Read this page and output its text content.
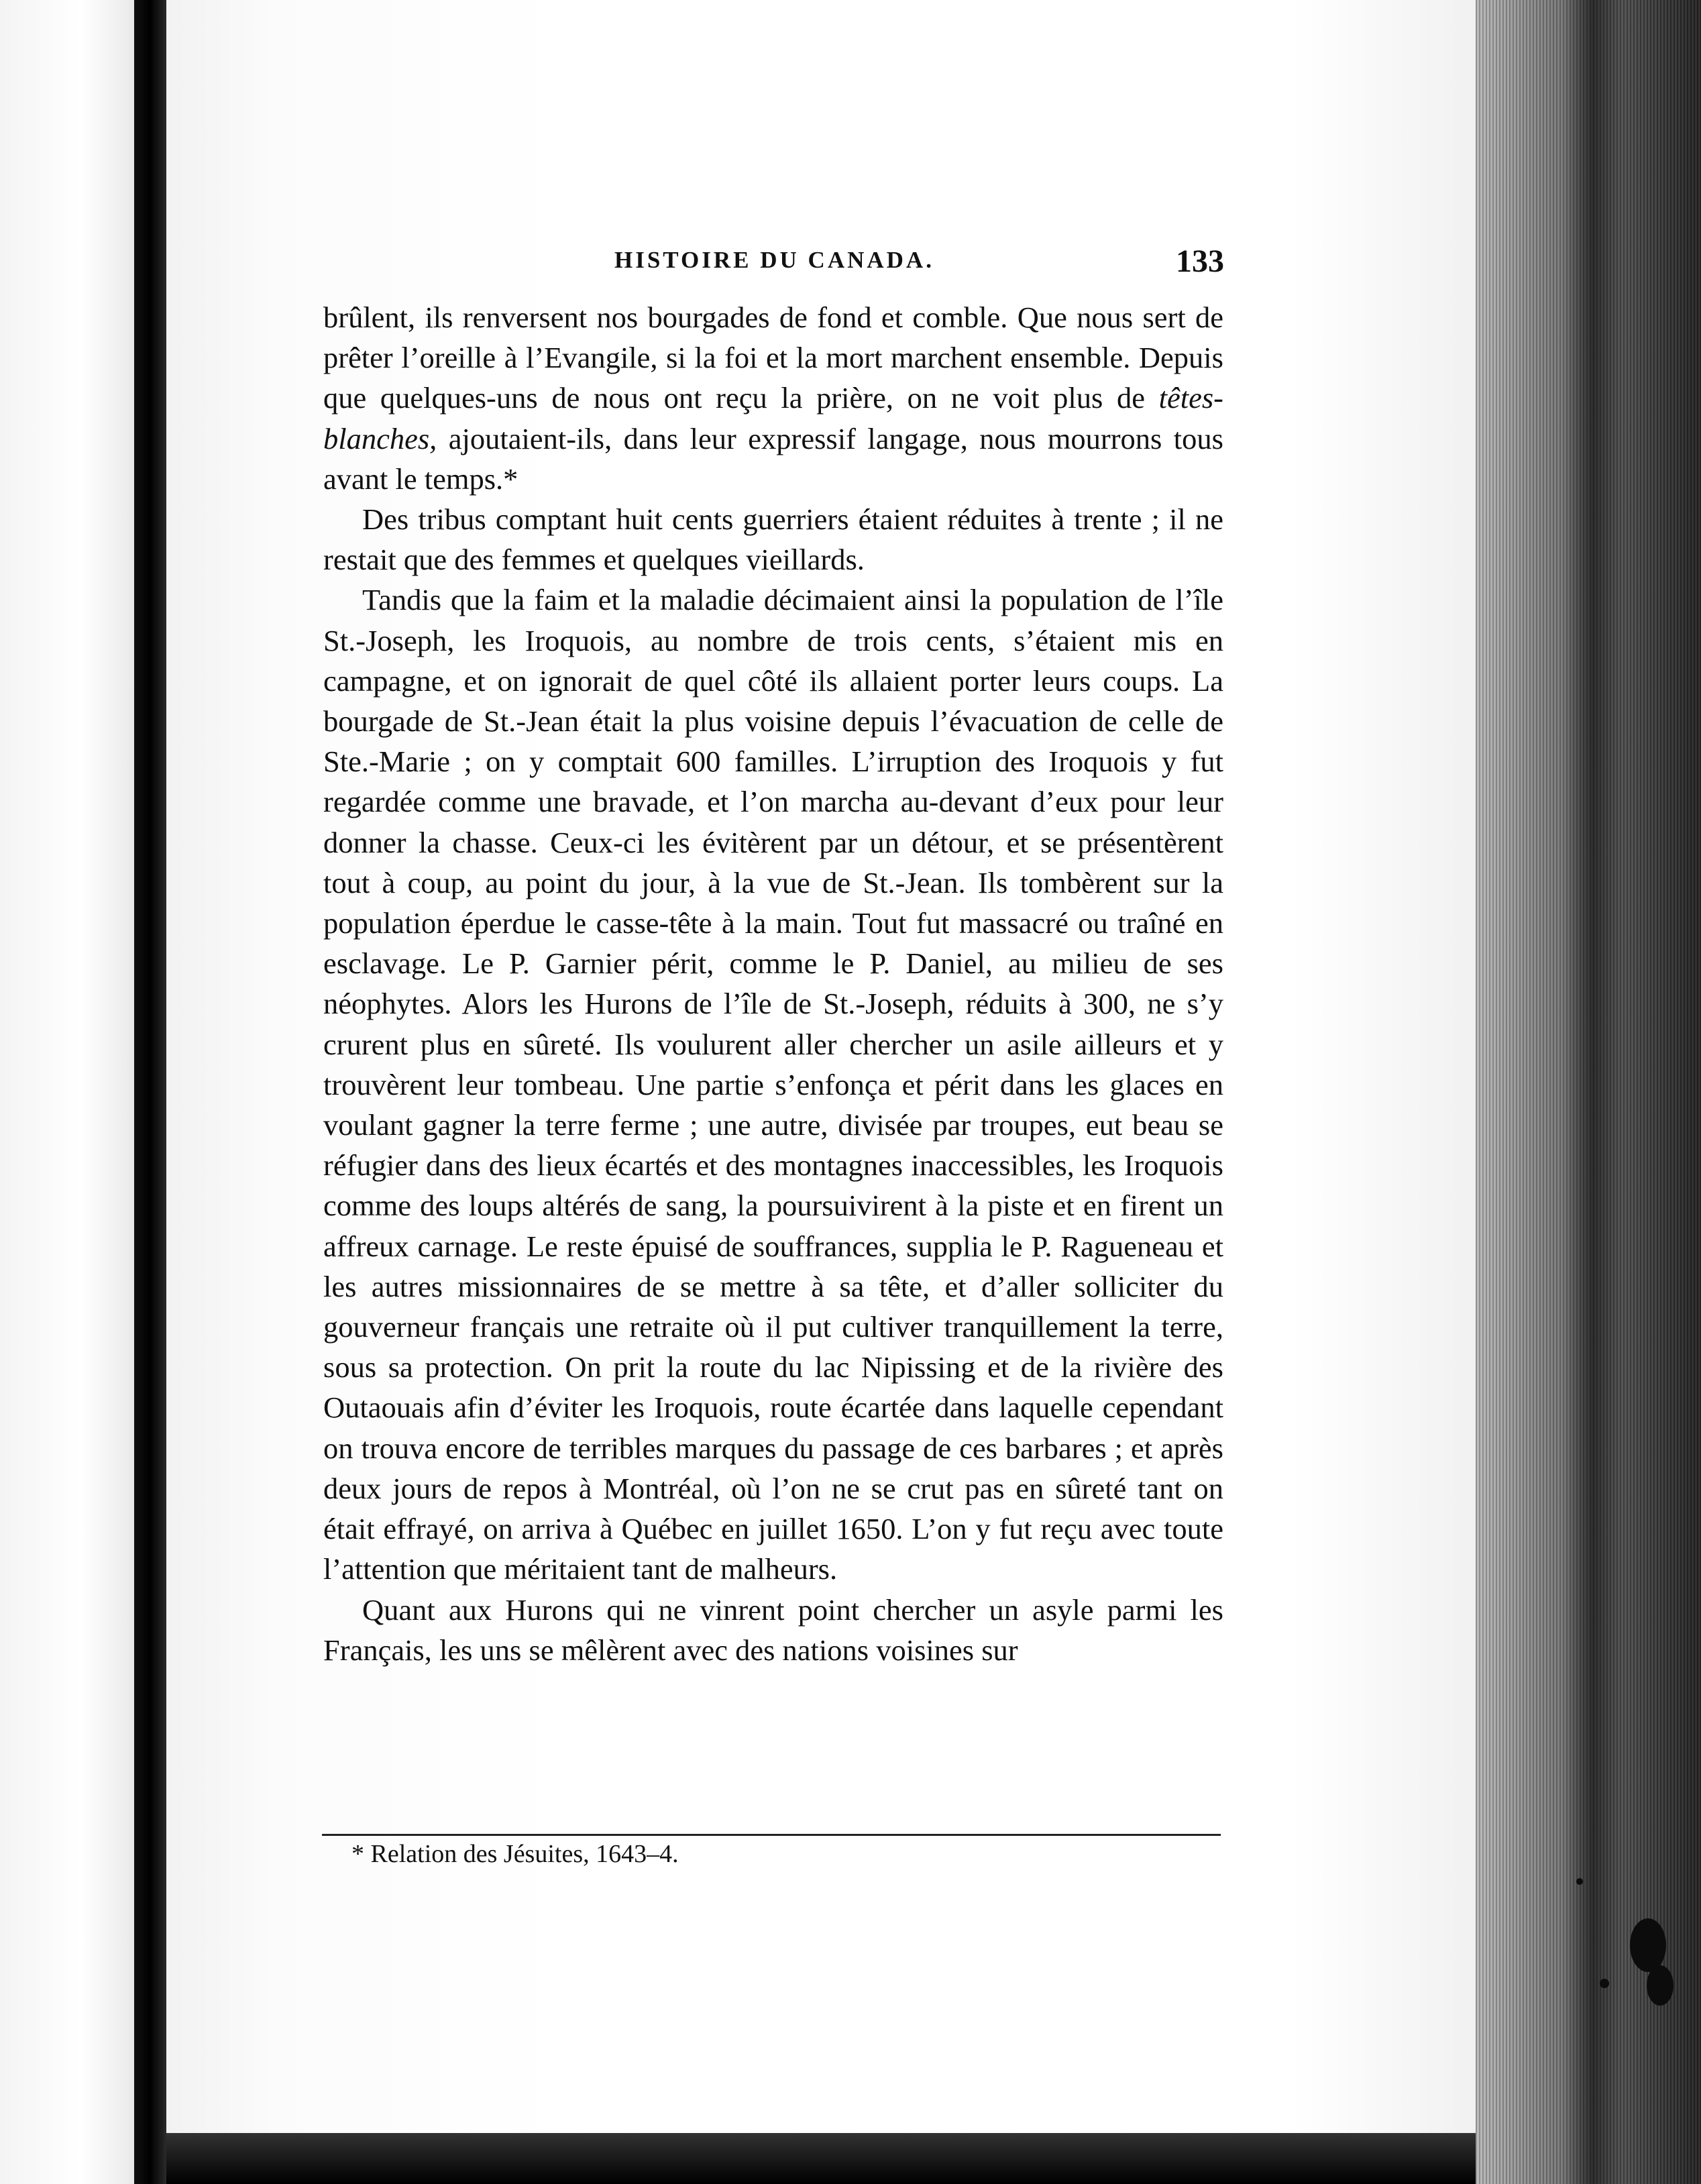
HISTOIRE DU CANADA.	133

brûlent, ils renversent nos bourgades de fond et comble. Que nous sert de prêter l’oreille à l’Evangile, si la foi et la mort marchent ensemble. Depuis que quelques-uns de nous ont reçu la prière, on ne voit plus de têtes-blanches, ajoutaient-ils, dans leur expressif langage, nous mourrons tous avant le temps.*

Des tribus comptant huit cents guerriers étaient réduites à trente ; il ne restait que des femmes et quelques vieillards.

Tandis que la faim et la maladie décimaient ainsi la population de l’île St.-Joseph, les Iroquois, au nombre de trois cents, s’étaient mis en campagne, et on ignorait de quel côté ils allaient porter leurs coups. La bourgade de St.-Jean était la plus voisine depuis l’évacuation de celle de Ste.-Marie ; on y comptait 600 familles. L’irruption des Iroquois y fut regardée comme une bravade, et l’on marcha au-devant d’eux pour leur donner la chasse. Ceux-ci les évitèrent par un détour, et se présentèrent tout à coup, au point du jour, à la vue de St.-Jean. Ils tombèrent sur la population éperdue le casse-tête à la main. Tout fut massacré ou traîné en esclavage. Le P. Garnier périt, comme le P. Daniel, au milieu de ses néophytes. Alors les Hurons de l’île de St.-Joseph, réduits à 300, ne s’y crurent plus en sûreté. Ils voulurent aller chercher un asile ailleurs et y trouvèrent leur tombeau. Une partie s’enfonça et périt dans les glaces en voulant gagner la terre ferme ; une autre, divisée par troupes, eut beau se réfugier dans des lieux écartés et des montagnes inaccessibles, les Iroquois comme des loups altérés de sang, la poursuivirent à la piste et en firent un affreux carnage. Le reste épuisé de souffrances, supplia le P. Ragueneau et les autres missionnaires de se mettre à sa tête, et d’aller solliciter du gouverneur français une retraite où il put cultiver tranquillement la terre, sous sa protection. On prit la route du lac Nipissing et de la rivière des Outaouais afin d’éviter les Iroquois, route écartée dans laquelle cependant on trouva encore de terribles marques du passage de ces barbares ; et après deux jours de repos à Montréal, où l’on ne se crut pas en sûreté tant on était effrayé, on arriva à Québec en juillet 1650. L’on y fut reçu avec toute l’attention que méritaient tant de malheurs.

Quant aux Hurons qui ne vinrent point chercher un asyle parmi les Français, les uns se mêlèrent avec des nations voisines sur

* Relation des Jésuites, 1643–4.
